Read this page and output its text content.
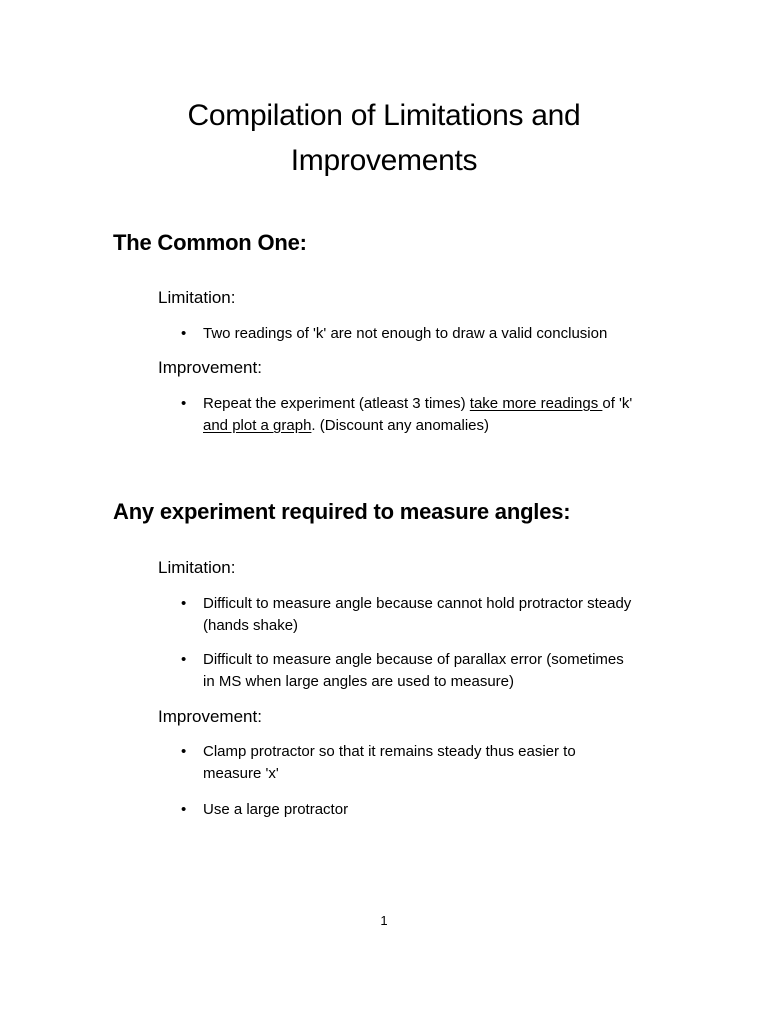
Compilation of Limitations and
Improvements
The Common One:
Limitation:
• Two readings of 'k' are not enough to draw a valid conclusion
Improvement:
• Repeat the experiment (atleast 3 times) take more readings of 'k' and plot a graph. (Discount any anomalies)
Any experiment required to measure angles:
Limitation:
• Difficult to measure angle because cannot hold protractor steady (hands shake)
• Difficult to measure angle because of parallax error (sometimes in MS when large angles are used to measure)
Improvement:
• Clamp protractor so that it remains steady thus easier to measure 'x'
• Use a large protractor
1
